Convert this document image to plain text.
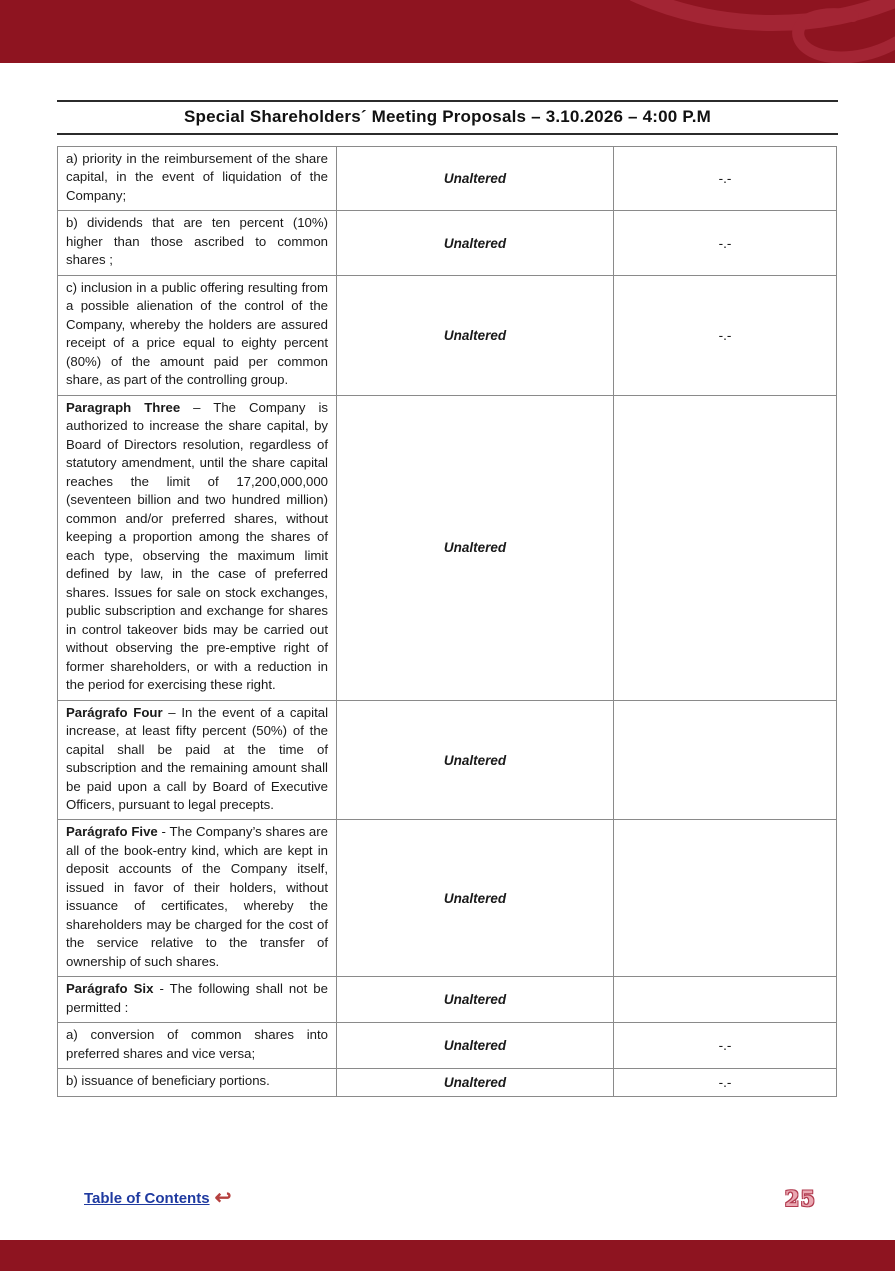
Special Shareholders´ Meeting Proposals – 3.10.2026 – 4:00 P.M
a) priority in the reimbursement of the share capital, in the event of liquidation of the Company;	Unaltered	-.-
b) dividends that are ten percent (10%) higher than those ascribed to common shares ;	Unaltered	-.-
c) inclusion in a public offering resulting from a possible alienation of the control of the Company, whereby the holders are assured receipt of a price equal to eighty percent (80%) of the amount paid per common share, as part of the controlling group.	Unaltered	-.-
Paragraph Three – The Company is authorized to increase the share capital, by Board of Directors resolution, regardless of statutory amendment, until the share capital reaches the limit of 17,200,000,000 (seventeen billion and two hundred million) common and/or preferred shares, without keeping a proportion among the shares of each type, observing the maximum limit defined by law, in the case of preferred shares. Issues for sale on stock exchanges, public subscription and exchange for shares in control takeover bids may be carried out without observing the pre-emptive right of former shareholders, or with a reduction in the period for exercising these right.	Unaltered	
Parágrafo Four – In the event of a capital increase, at least fifty percent (50%) of the capital shall be paid at the time of subscription and the remaining amount shall be paid upon a call by Board of Executive Officers, pursuant to legal precepts.	Unaltered	
Parágrafo Five - The Company’s shares are all of the book-entry kind, which are kept in deposit accounts of the Company itself, issued in favor of their holders, without issuance of certificates, whereby the shareholders may be charged for the cost of the service relative to the transfer of ownership of such shares.	Unaltered	
Parágrafo Six - The following shall not be permitted :	Unaltered	
a) conversion of common shares into preferred shares and vice versa;	Unaltered	-.-
b) issuance of beneficiary portions.	Unaltered	-.-
Table of Contents ↩	25
